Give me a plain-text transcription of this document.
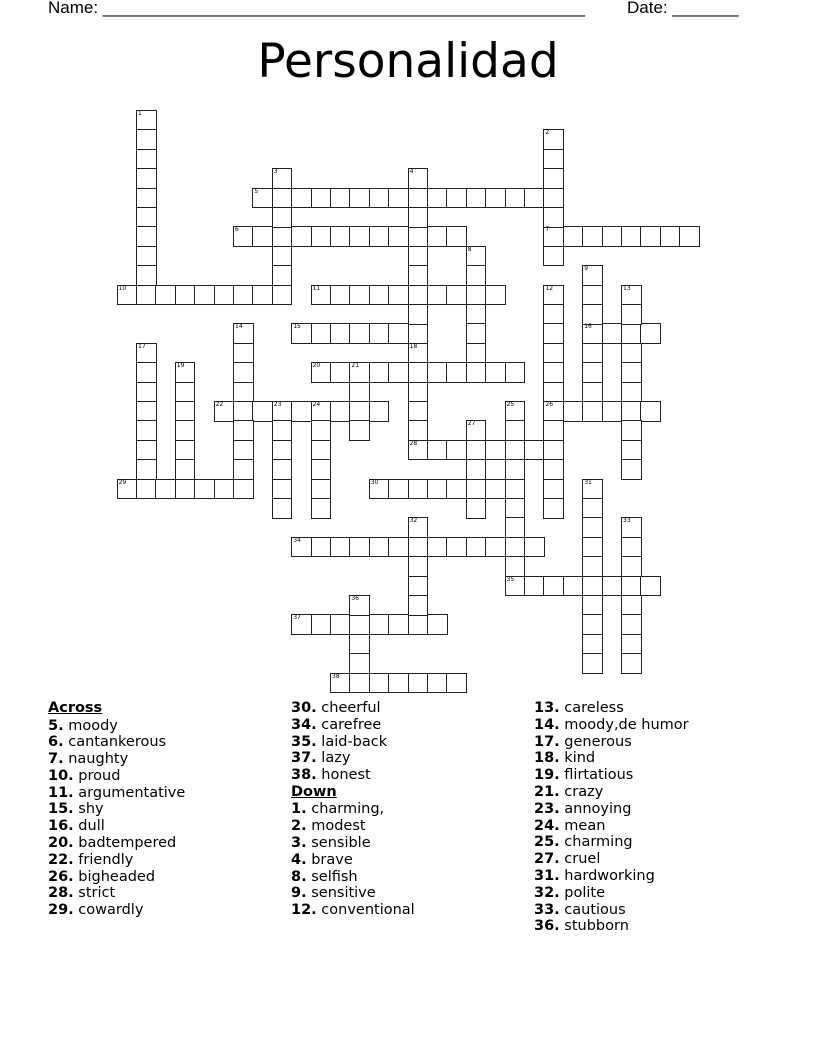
Name: ___________________________________________________ Date: _______
Personalidad
5
6	7
10	11
15	16
20
22	26
28
29	30
34
35
37
38
1
2
3	4
8
9
12	13
14
17	18
19	21
23	24	25
27
31
32	33
36
Across
5. moody
6. cantankerous
7. naughty
10. proud
11. argumentative
15. shy
16. dull
20. badtempered
22. friendly
26. bigheaded
28. strict
29. cowardly
30. cheerful
34. carefree
35. laid-back
37. lazy
38. honest
Down
1. charming,
2. modest
3. sensible
4. brave
8. selfish
9. sensitive
12. conventional
13. careless
14. moody,de humor
17. generous
18. kind
19. flirtatious
21. crazy
23. annoying
24. mean
25. charming
27. cruel
31. hardworking
32. polite
33. cautious
36. stubborn
